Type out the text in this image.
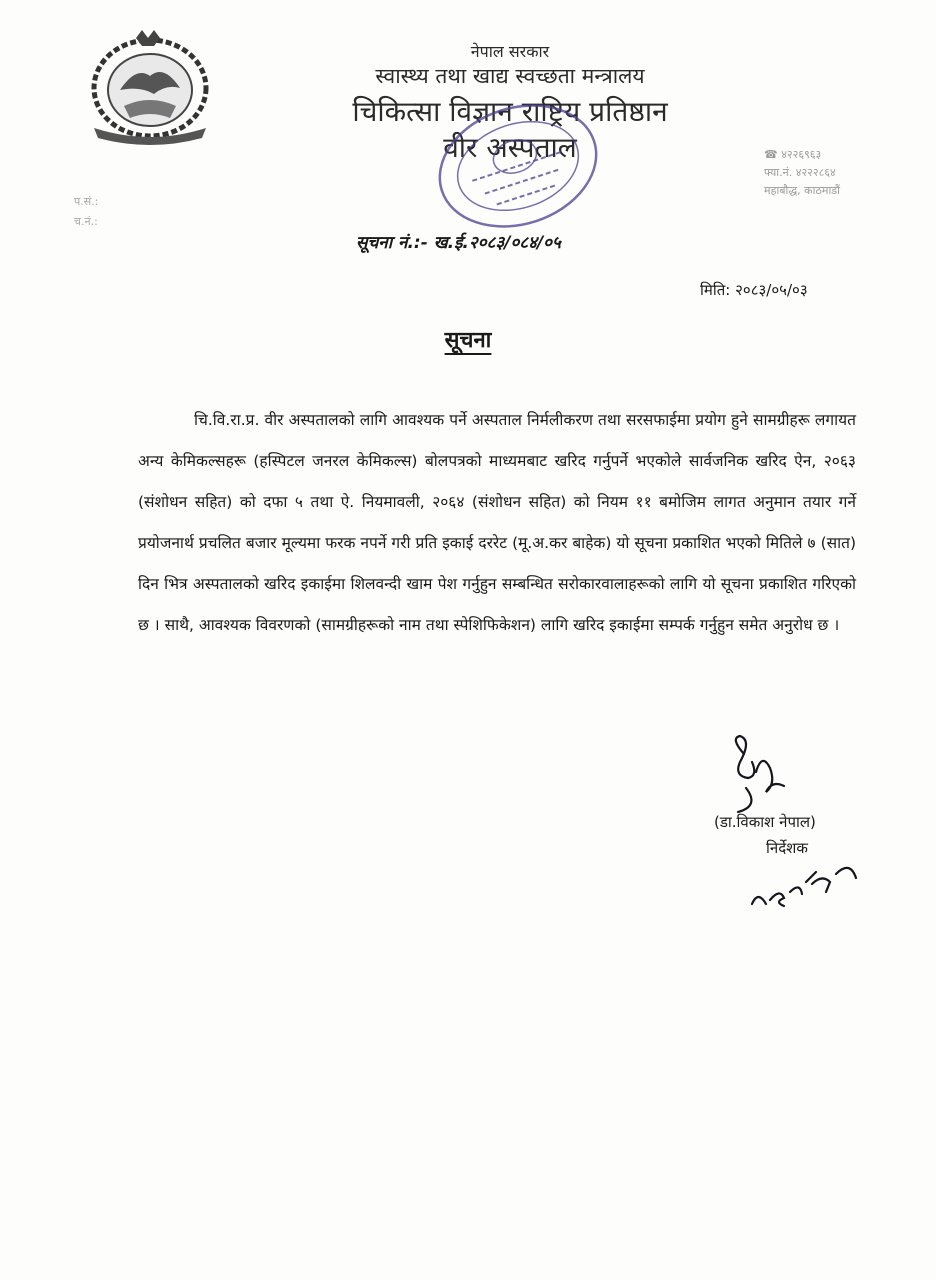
नेपाल सरकार
स्वास्थ्य तथा खाद्य स्वच्छता मन्त्रालय
चिकित्सा विज्ञान राष्ट्रिय प्रतिष्ठान
वीर अस्पताल	☎ ४२२६९६३
फ्या.नं. ४२२२८६४
महाबौद्ध, काठमाडौं
प.सं.:
च.नं.:
सूचना नं.:- ख.ई.२०८३/०८४/०५
मिति: २०८३/०५/०३
सूचना
चि.वि.रा.प्र. वीर अस्पतालको लागि आवश्यक पर्ने अस्पताल निर्मलीकरण तथा सरसफाईमा प्रयोग हुने सामग्रीहरू लगायत अन्य केमिकल्सहरू (हस्पिटल जनरल केमिकल्स) बोलपत्रको माध्यमबाट खरिद गर्नुपर्ने भएकोले सार्वजनिक खरिद ऐन, २०६३ (संशोधन सहित) को दफा ५ तथा ऐ. नियमावली, २०६४ (संशोधन सहित) को नियम ११ बमोजिम लागत अनुमान तयार गर्ने प्रयोजनार्थ प्रचलित बजार मूल्यमा फरक नपर्ने गरी प्रति इकाई दररेट (मू.अ.कर बाहेक) यो सूचना प्रकाशित भएको मितिले ७ (सात) दिन भित्र अस्पतालको खरिद इकाईमा शिलवन्दी खाम पेश गर्नुहुन सम्बन्धित सरोकारवालाहरूको लागि यो सूचना प्रकाशित गरिएको छ । साथै, आवश्यक विवरणको (सामग्रीहरूको नाम तथा स्पेशिफिकेशन) लागि खरिद इकाईमा सम्पर्क गर्नुहुन समेत अनुरोध छ ।
(डा.विकाश नेपाल)
निर्देशक
